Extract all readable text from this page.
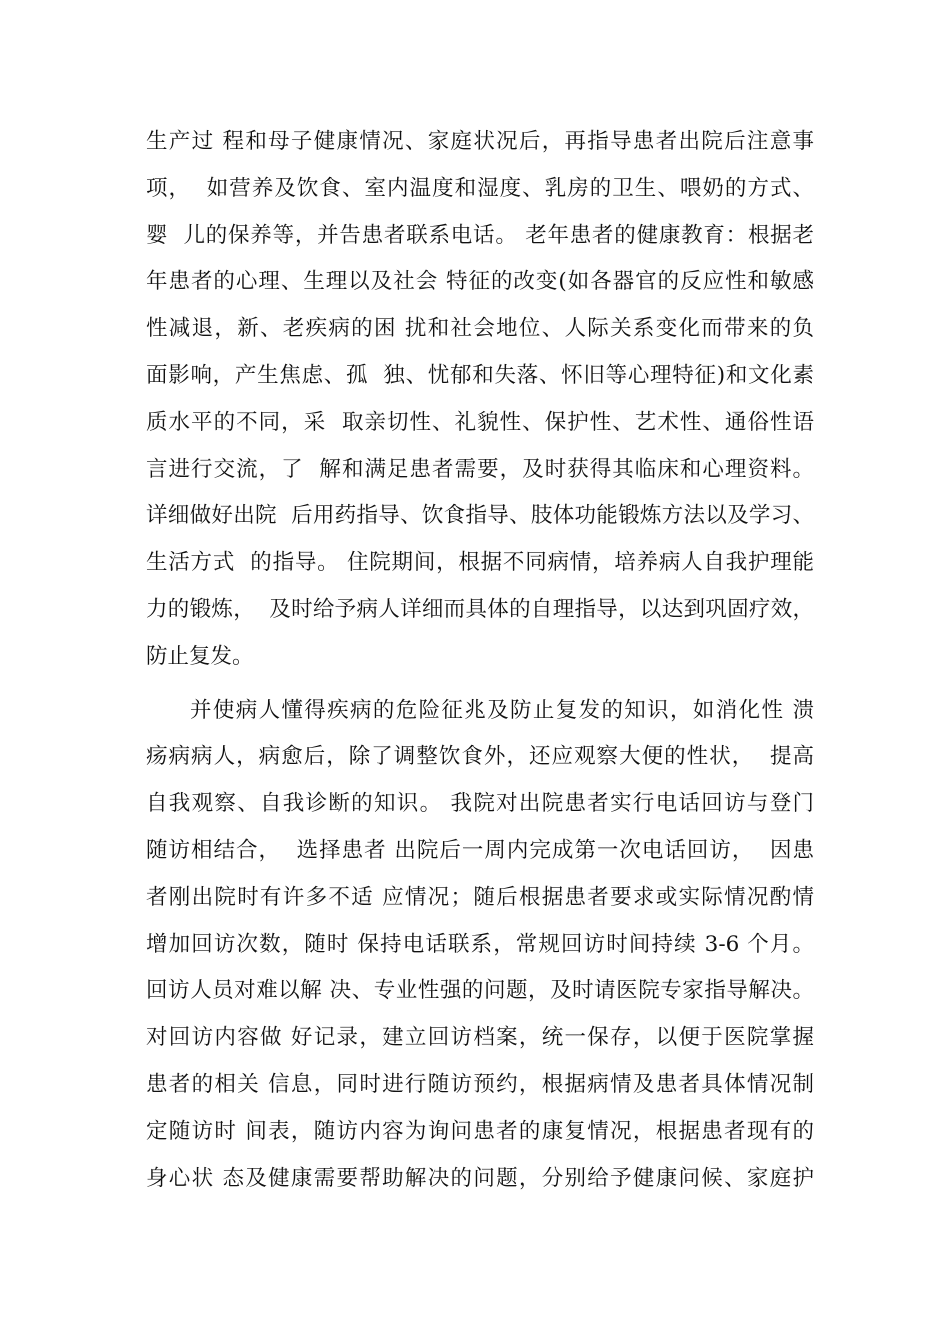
生产过 程和母子健康情况、家庭状况后，再指导患者出院后注意事
项，  如营养及饮食、室内温度和湿度、乳房的卫生、喂奶的方式、
婴  儿的保养等，并告患者联系电话。 老年患者的健康教育：根据老
年患者的心理、生理以及社会 特征的改变(如各器官的反应性和敏感
性减退，新、老疾病的困 扰和社会地位、人际关系变化而带来的负
面影响，产生焦虑、孤  独、忧郁和失落、怀旧等心理特征)和文化素
质水平的不同，采  取亲切性、礼貌性、保护性、艺术性、通俗性语
言进行交流，了  解和满足患者需要，及时获得其临床和心理资料。
详细做好出院  后用药指导、饮食指导、肢体功能锻炼方法以及学习、
生活方式  的指导。 住院期间，根据不同病情，培养病人自我护理能
力的锻炼，  及时给予病人详细而具体的自理指导，以达到巩固疗效，
防止复发。
并使病人懂得疾病的危险征兆及防止复发的知识，如消化性 溃
疡病病人，病愈后，除了调整饮食外，还应观察大便的性状，  提高
自我观察、自我诊断的知识。 我院对出院患者实行电话回访与登门
随访相结合，  选择患者 出院后一周内完成第一次电话回访，  因患
者刚出院时有许多不适 应情况；随后根据患者要求或实际情况酌情
增加回访次数，随时 保持电话联系，常规回访时间持续 3-6 个月。
回访人员对难以解 决、专业性强的问题，及时请医院专家指导解决。
对回访内容做 好记录，建立回访档案，统一保存，以便于医院掌握
患者的相关 信息，同时进行随访预约，根据病情及患者具体情况制
定随访时 间表，随访内容为询问患者的康复情况，根据患者现有的
身心状 态及健康需要帮助解决的问题，分别给予健康问候、家庭护
